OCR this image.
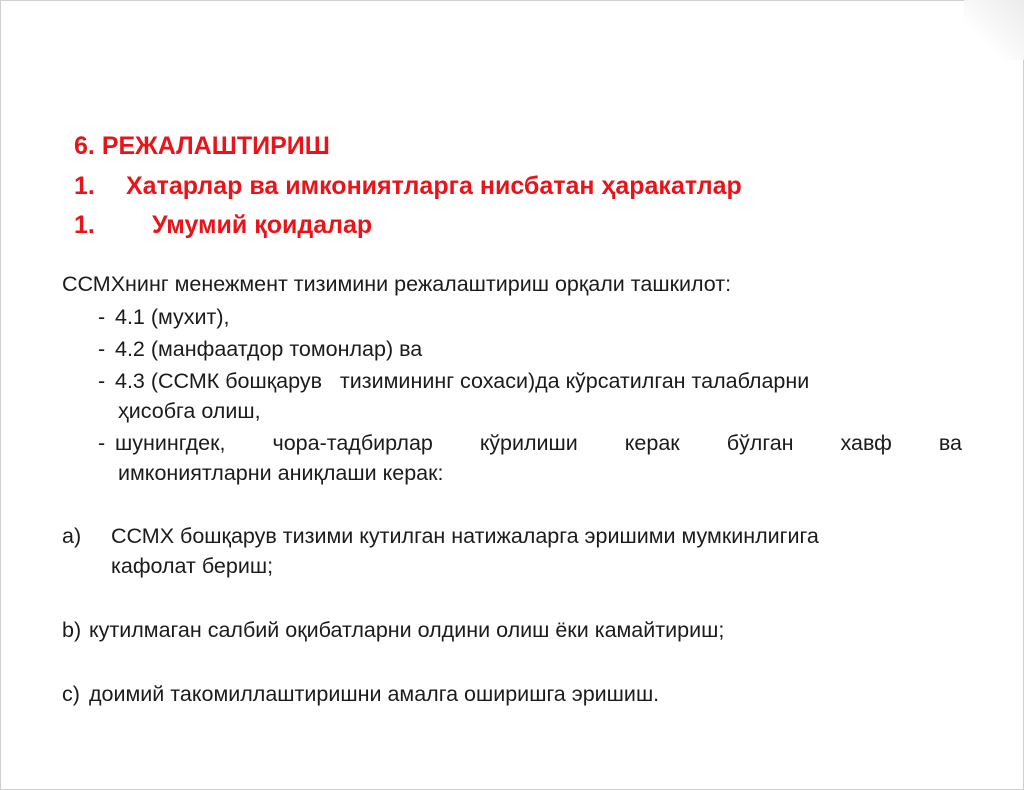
6. РЕЖАЛАШТИРИШ
1. Хатарлар ва имкониятларга нисбатан ҳаракатлар
1. Умумий қоидалар
ССМХнинг менежмент тизимини режалаштириш орқали ташкилот:
- 4.1 (мухит),
- 4.2 (манфаатдор томонлар) ва
- 4.3 (ССМК бошқарув   тизимининг сохаси)да кўрсатилган талабларни
ҳисобга олиш,
- шунингдек, чора-тадбирлар кўрилиши керак бўлган хавф ва
имкониятларни аниқлаши керак:
a) ССМХ бошқарув тизими кутилган натижаларга эришими мумкинлигига
кафолат бериш;
b) кутилмаган салбий оқибатларни олдини олиш ёки камайтириш;
c) доимий такомиллаштиришни амалга оширишга эришиш.
